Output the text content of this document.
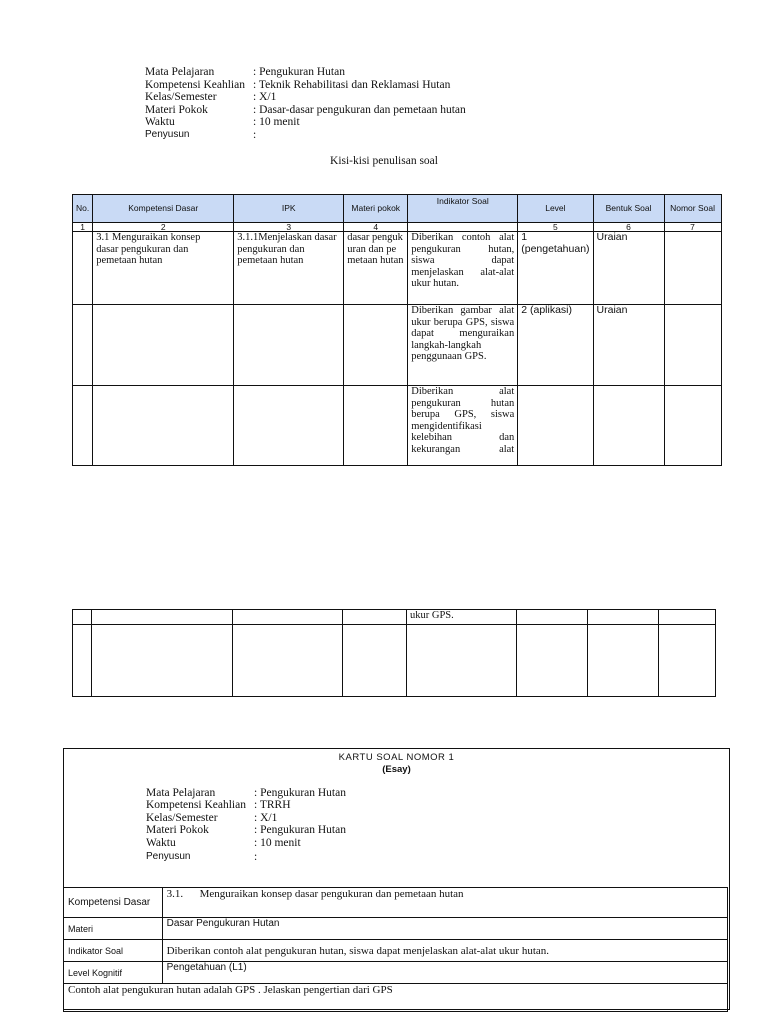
Mata Pelajaran	: Pengukuran Hutan
Kompetensi Keahlian : Teknik Rehabilitasi dan Reklamasi Hutan
Kelas/Semester	: X/1
Materi Pokok	: Dasar-dasar pengukuran dan pemetaan hutan
Waktu	: 10 menit
Penyusun	:
Kisi-kisi penulisan soal
No.	Kompetensi Dasar	IPK	Materi pokok	Indikator Soal	Level	Bentuk Soal	Nomor Soal
1	2	3	4		5	6	7
	3.1 Menguraikan konsep dasar pengukuran dan pemetaan hutan	3.1.1Menjelaskan dasar pengukuran dan pemetaan hutan	dasar pengukuran dan pemetaan hutan	Diberikan contoh alat pengukuran hutan, siswa dapat menjelaskan alat-alat ukur hutan.	1 (pengetahuan)	Uraian	
				Diberikan gambar alat ukur berupa GPS, siswa dapat menguraikan langkah-langkah penggunaan GPS.	2 (aplikasi)	Uraian	
				Diberikan alat pengukuran hutan berupa GPS, siswa mengidentifikasi kelebihan dan kekurangan alat			
				ukur GPS.			

KARTU SOAL NOMOR 1
(Esay)
Mata Pelajaran	: Pengukuran Hutan
Kompetensi Keahlian : TRRH
Kelas/Semester	: X/1
Materi Pokok	: Pengukuran Hutan
Waktu	: 10 menit
Penyusun	:
Kompetensi Dasar	3.1.      Menguraikan konsep dasar pengukuran dan pemetaan hutan
Materi	Dasar Pengukuran Hutan
Indikator Soal	Diberikan contoh alat pengukuran hutan, siswa dapat menjelaskan alat-alat ukur hutan.
Level Kognitif	Pengetahuan (L1)
Contoh alat pengukuran hutan adalah GPS . Jelaskan pengertian dari GPS	
